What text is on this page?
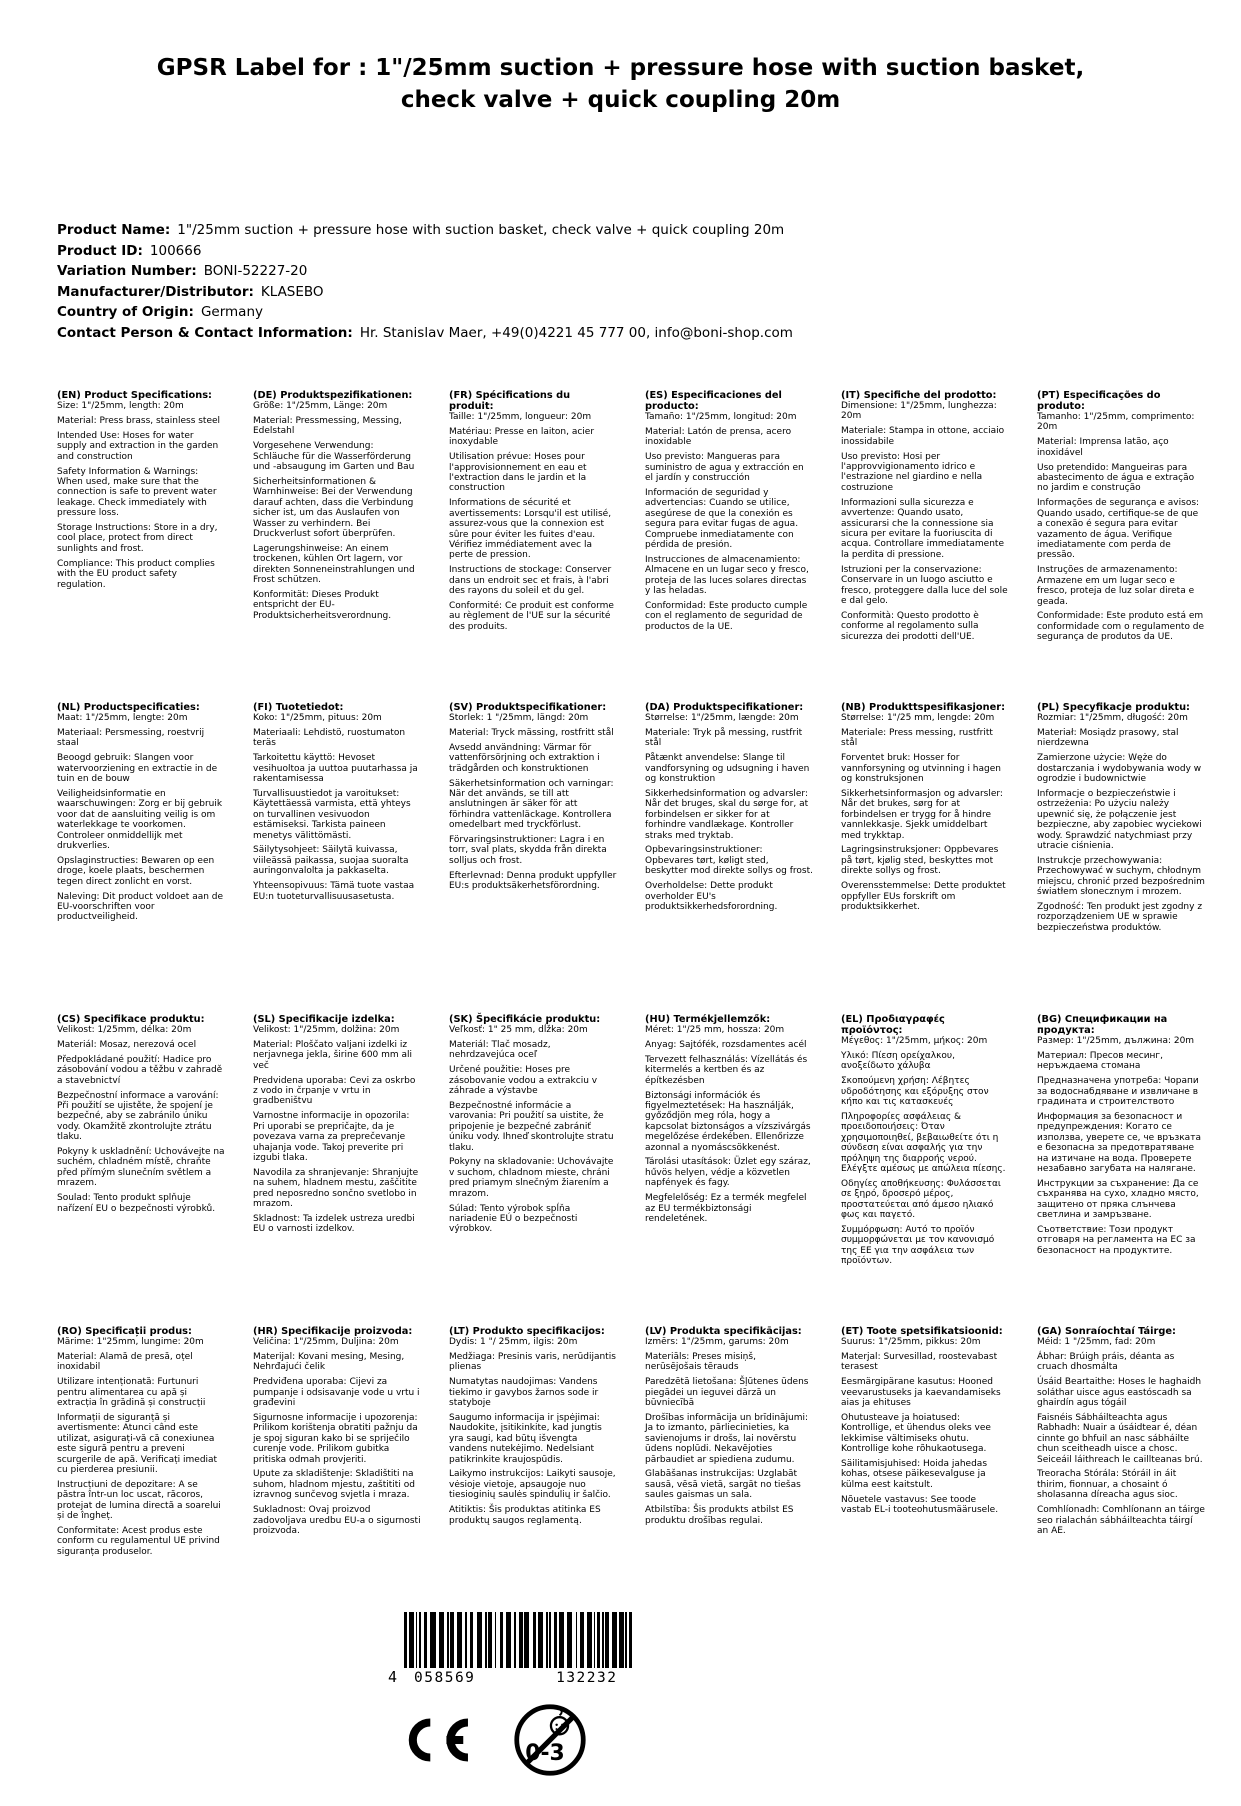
GPSR Label for : 1"/25mm suction + pressure hose with suction basket, check valve + quick coupling 20m
Product Name: 1"/25mm suction + pressure hose with suction basket, check valve + quick coupling 20m
Product ID: 100666
Variation Number: BONI-52227-20
Manufacturer/Distributor: KLASEBO
Country of Origin: Germany
Contact Person & Contact Information: Hr. Stanislav Maer, +49(0)4221 45 777 00, info@boni-shop.com
(EN) Product Specifications:

Size: 1"/25mm, length: 20m

Material: Press brass, stainless steel

Intended Use: Hoses for water supply and extraction in the garden and construction

Safety Information & Warnings: When used, make sure that the connection is safe to prevent water leakage. Check immediately with pressure loss.

Storage Instructions: Store in a dry, cool place, protect from direct sunlights and frost.

Compliance: This product complies with the EU product safety regulation.

(DE) Produktspezifikationen:

Größe: 1"/25mm, Länge: 20m

Material: Pressmessing, Messing, Edelstahl

Vorgesehene Verwendung: Schläuche für die Wasserförderung und -absaugung im Garten und Bau

Sicherheitsinformationen & Warnhinweise: Bei der Verwendung darauf achten, dass die Verbindung sicher ist, um das Auslaufen von Wasser zu verhindern. Bei Druckverlust sofort überprüfen.

Lagerungshinweise: An einem trockenen, kühlen Ort lagern, vor direkten Sonneneinstrahlungen und Frost schützen.

Konformität: Dieses Produkt entspricht der EU-Produktsicherheitsverordnung.

(FR) Spécifications du produit:

Taille: 1"/25mm, longueur: 20m

Matériau: Presse en laiton, acier inoxydable

Utilisation prévue: Hoses pour l'approvisionnement en eau et l'extraction dans le jardin et la construction

Informations de sécurité et avertissements: Lorsqu'il est utilisé, assurez-vous que la connexion est sûre pour éviter les fuites d'eau. Vérifiez immédiatement avec la perte de pression.

Instructions de stockage: Conserver dans un endroit sec et frais, à l'abri des rayons du soleil et du gel.

Conformité: Ce produit est conforme au règlement de l'UE sur la sécurité des produits.

(ES) Especificaciones del producto:

Tamaño: 1"/25mm, longitud: 20m

Material: Latón de prensa, acero inoxidable

Uso previsto: Mangueras para suministro de agua y extracción en el jardín y construcción

Información de seguridad y advertencias: Cuando se utilice, asegúrese de que la conexión es segura para evitar fugas de agua. Compruebe inmediatamente con pérdida de presión.

Instrucciones de almacenamiento: Almacene en un lugar seco y fresco, proteja de las luces solares directas y las heladas.

Conformidad: Este producto cumple con el reglamento de seguridad de productos de la UE.

(IT) Specifiche del prodotto:

Dimensione: 1"/25mm, lunghezza: 20m

Materiale: Stampa in ottone, acciaio inossidabile

Uso previsto: Hosi per l'approvvigionamento idrico e l'estrazione nel giardino e nella costruzione

Informazioni sulla sicurezza e avvertenze: Quando usato, assicurarsi che la connessione sia sicura per evitare la fuoriuscita di acqua. Controllare immediatamente la perdita di pressione.

Istruzioni per la conservazione: Conservare in un luogo asciutto e fresco, proteggere dalla luce del sole e dal gelo.

Conformità: Questo prodotto è conforme al regolamento sulla sicurezza dei prodotti dell'UE.

(PT) Especificações do produto:

Tamanho: 1"/25mm, comprimento: 20m

Material: Imprensa latão, aço inoxidável

Uso pretendido: Mangueiras para abastecimento de água e extração no jardim e construção

Informações de segurança e avisos: Quando usado, certifique-se de que a conexão é segura para evitar vazamento de água. Verifique imediatamente com perda de pressão.

Instruções de armazenamento: Armazene em um lugar seco e fresco, proteja de luz solar direta e geada.

Conformidade: Este produto está em conformidade com o regulamento de segurança de produtos da UE.

(NL) Productspecificaties:

Maat: 1"/25mm, lengte: 20m

Materiaal: Persmessing, roestvrij staal

Beoogd gebruik: Slangen voor watervoorziening en extractie in de tuin en de bouw

Veiligheidsinformatie en waarschuwingen: Zorg er bij gebruik voor dat de aansluiting veilig is om waterlekkage te voorkomen. Controleer onmiddellijk met drukverlies.

Opslaginstructies: Bewaren op een droge, koele plaats, beschermen tegen direct zonlicht en vorst.

Naleving: Dit product voldoet aan de EU-voorschriften voor productveiligheid.

(FI) Tuotetiedot:

Koko: 1"/25mm, pituus: 20m

Materiaali: Lehdistö, ruostumaton teräs

Tarkoitettu käyttö: Hevoset vesihuoltoa ja uuttoa puutarhassa ja rakentamisessa

Turvallisuustiedot ja varoitukset: Käytettäessä varmista, että yhteys on turvallinen vesivuodon estämiseksi. Tarkista paineen menetys välittömästi.

Säilytysohjeet: Säilytä kuivassa, viileässä paikassa, suojaa suoralta auringonvalolta ja pakkaselta.

Yhteensopivuus: Tämä tuote vastaa EU:n tuoteturvallisuusasetusta.

(SV) Produktspecifikationer:

Storlek: 1 "/25mm, längd: 20m

Material: Tryck mässing, rostfritt stål

Avsedd användning: Värmar för vattenförsörjning och extraktion i trädgården och konstruktionen

Säkerhetsinformation och varningar: När det används, se till att anslutningen är säker för att förhindra vattenläckage. Kontrollera omedelbart med tryckförlust.

Förvaringsinstruktioner: Lagra i en torr, sval plats, skydda från direkta solljus och frost.

Efterlevnad: Denna produkt uppfyller EU:s produktsäkerhetsförordning.

(DA) Produktspecifikationer:

Størrelse: 1"/25mm, længde: 20m

Materiale: Tryk på messing, rustfrit stål

Påtænkt anvendelse: Slange til vandforsyning og udsugning i haven og konstruktion

Sikkerhedsinformation og advarsler: Når det bruges, skal du sørge for, at forbindelsen er sikker for at forhindre vandlækage. Kontroller straks med tryktab.

Opbevaringsinstruktioner: Opbevares tørt, køligt sted, beskytter mod direkte sollys og frost.

Overholdelse: Dette produkt overholder EU's produktsikkerhedsforordning.

(NB) Produkttspesifikasjoner:

Størrelse: 1"/25 mm, lengde: 20m

Materiale: Press messing, rustfritt stål

Forventet bruk: Hosser for vannforsyning og utvinning i hagen og konstruksjonen

Sikkerhetsinformasjon og advarsler: Når det brukes, sørg for at forbindelsen er trygg for å hindre vannlekkasje. Sjekk umiddelbart med trykktap.

Lagringsinstruksjoner: Oppbevares på tørt, kjølig sted, beskyttes mot direkte sollys og frost.

Overensstemmelse: Dette produktet oppfyller EUs forskrift om produktsikkerhet.

(PL) Specyfikacje produktu:

Rozmiar: 1"/25mm, długość: 20m

Materiał: Mosiądz prasowy, stal nierdzewna

Zamierzone użycie: Węże do dostarczania i wydobywania wody w ogrodzie i budownictwie

Informacje o bezpieczeństwie i ostrzeżenia: Po użyciu należy upewnić się, że połączenie jest bezpieczne, aby zapobiec wyciekowi wody. Sprawdzić natychmiast przy utracie ciśnienia.

Instrukcje przechowywania: Przechowywać w suchym, chłodnym miejscu, chronić przed bezpośrednim światłem słonecznym i mrozem.

Zgodność: Ten produkt jest zgodny z rozporządzeniem UE w sprawie bezpieczeństwa produktów.

(CS) Specifikace produktu:

Velikost: 1/25mm, délka: 20m

Materiál: Mosaz, nerezová ocel

Předpokládané použití: Hadice pro zásobování vodou a těžbu v zahradě a stavebnictví

Bezpečnostní informace a varování: Při použití se ujistěte, že spojení je bezpečné, aby se zabránilo úniku vody. Okamžitě zkontrolujte ztrátu tlaku.

Pokyny k uskladnění: Uchovávejte na suchém, chladném místě, chraňte před přímým slunečním světlem a mrazem.

Soulad: Tento produkt splňuje nařízení EU o bezpečnosti výrobků.

(SL) Specifikacije izdelka:

Velikost: 1"/25mm, dolžina: 20m

Material: Ploščato valjani izdelki iz nerjavnega jekla, širine 600 mm ali več

Predvidena uporaba: Cevi za oskrbo z vodo in črpanje v vrtu in gradbeništvu

Varnostne informacije in opozorila: Pri uporabi se prepričajte, da je povezava varna za preprečevanje uhajanja vode. Takoj preverite pri izgubi tlaka.

Navodila za shranjevanje: Shranjujte na suhem, hladnem mestu, zaščitite pred neposredno sončno svetlobo in mrazom.

Skladnost: Ta izdelek ustreza uredbi EU o varnosti izdelkov.

(SK) Špecifikácie produktu:

Veľkosť: 1" 25 mm, dĺžka: 20m

Materiál: Tlač mosadz, nehrdzavejúca oceľ

Určené použitie: Hoses pre zásobovanie vodou a extrakciu v záhrade a výstavbe

Bezpečnostné informácie a varovania: Pri použití sa uistite, že pripojenie je bezpečné zabrániť úniku vody. Ihneď skontrolujte stratu tlaku.

Pokyny na skladovanie: Uchovávajte v suchom, chladnom mieste, chráni pred priamym slnečným žiarením a mrazom.

Súlad: Tento výrobok spĺňa nariadenie EÚ o bezpečnosti výrobkov.

(HU) Termékjellemzők:

Méret: 1"/25 mm, hossza: 20m

Anyag: Sajtófék, rozsdamentes acél

Tervezett felhasználás: Vízellátás és kitermelés a kertben és az építkezésben

Biztonsági információk és figyelmeztetések: Ha használják, győződjön meg róla, hogy a kapcsolat biztonságos a vízszivárgás megelőzése érdekében. Ellenőrizze azonnal a nyomáscsökkenést.

Tárolási utasítások: Üzlet egy száraz, hűvös helyen, védje a közvetlen napfények és fagy.

Megfelelőség: Ez a termék megfelel az EU termékbiztonsági rendeletének.

(EL) Προδιαγραφές προϊόντος:

Μέγεθος: 1"/25mm, μήκος: 20m

Υλικό: Πίεση ορείχαλκου, ανοξείδωτο χάλυβα

Σκοπούμενη χρήση: Λέβητες υδροδότησης και εξόρυξης στον κήπο και τις κατασκευές

Πληροφορίες ασφάλειας & προειδοποιήσεις: Όταν χρησιμοποιηθεί, βεβαιωθείτε ότι η σύνδεση είναι ασφαλής για την πρόληψη της διαρροής νερού. Ελέγξτε αμέσως με απώλεια πίεσης.

Οδηγίες αποθήκευσης: Φυλάσσεται σε ξηρό, δροσερό μέρος, προστατεύεται από άμεσο ηλιακό φως και παγετό.

Συμμόρφωση: Αυτό το προϊόν συμμορφώνεται με τον κανονισμό της ΕΕ για την ασφάλεια των προϊόντων.

(BG) Спецификации на продукта:

Размер: 1"/25mm, дължина: 20m

Материал: Пресов месинг, неръждаема стомана

Предназначена употреба: Чорапи за водоснабдяване и извличане в градината и строителството

Информация за безопасност и предупреждения: Когато се използва, уверете се, че връзката е безопасна за предотвратяване на изтичане на вода. Проверете незабавно загубата на налягане.

Инструкции за съхранение: Да се съхранява на сухо, хладно място, защитено от пряка слънчева светлина и замръзване.

Съответствие: Този продукт отговаря на регламента на ЕС за безопасност на продуктите.

(RO) Specificații produs:

Mărime: 1"25mm, lungime: 20m

Material: Alamă de presă, oțel inoxidabil

Utilizare intenționată: Furtunuri pentru alimentarea cu apă și extracția în grădină și construcții

Informații de siguranță și avertismente: Atunci când este utilizat, asigurați-vă că conexiunea este sigură pentru a preveni scurgerile de apă. Verificați imediat cu pierderea presiunii.

Instrucțiuni de depozitare: A se păstra într-un loc uscat, răcoros, protejat de lumina directă a soarelui și de îngheț.

Conformitate: Acest produs este conform cu regulamentul UE privind siguranța produselor.

(HR) Specifikacije proizvoda:

Veličina: 1"/25mm, Duljina: 20m

Materijal: Kovani mesing, Mesing, Nehrđajući čelik

Predviđena uporaba: Cijevi za pumpanje i odsisavanje vode u vrtu i građevini

Sigurnosne informacije i upozorenja: Prilikom korištenja obratiti pažnju da je spoj siguran kako bi se spriječilo curenje vode. Prilikom gubitka pritiska odmah provjeriti.

Upute za skladištenje: Skladištiti na suhom, hladnom mjestu, zaštititi od izravnog sunčevog svjetla i mraza.

Sukladnost: Ovaj proizvod zadovoljava uredbu EU-a o sigurnosti proizvoda.

(LT) Produkto specifikacijos:

Dydis: 1 "/ 25mm, ilgis: 20m

Medžiaga: Presinis varis, nerūdijantis plienas

Numatytas naudojimas: Vandens tiekimo ir gavybos žarnos sode ir statyboje

Saugumo informacija ir įspėjimai: Naudokite, įsitikinkite, kad jungtis yra saugi, kad būtų išvengta vandens nutekėjimo. Nedelsiant patikrinkite kraujospūdis.

Laikymo instrukcijos: Laikyti sausoje, vėsioje vietoje, apsaugoje nuo tiesioginių saulės spindulių ir šalčio.

Atitiktis: Šis produktas atitinka ES produktų saugos reglamentą.

(LV) Produkta specifikācijas:

Izmērs: 1"/25mm, garums: 20m

Materiāls: Preses misiņš, nerūsējošais tērauds

Paredzētā lietošana: Šļūtenes ūdens piegādei un ieguvei dārzā un būvniecībā

Drošības informācija un brīdinājumi: Ja to izmanto, pārliecinieties, ka savienojums ir drošs, lai novērstu ūdens noplūdi. Nekavējoties pārbaudiet ar spiediena zudumu.

Glabāšanas instrukcijas: Uzglabāt sausā, vēsā vietā, sargāt no tiešas saules gaismas un sala.

Atbilstība: Šis produkts atbilst ES produktu drošības regulai.

(ET) Toote spetsifikatsioonid:

Suurus: 1"/25mm, pikkus: 20m

Materjal: Survesillad, roostevabast terasest

Eesmärgipärane kasutus: Hooned veevarustuseks ja kaevandamiseks aias ja ehituses

Ohutusteave ja hoiatused: Kontrollige, et ühendus oleks vee lekkimise vältimiseks ohutu. Kontrollige kohe rõhukaotusega.

Säilitamisjuhised: Hoida jahedas kohas, otsese päikesevalguse ja külma eest kaitstult.

Nõuetele vastavus: See toode vastab EL-i tooteohutusmäärusele.

(GA) Sonraíochtaí Táirge:

Méid: 1 "/25mm, fad: 20m

Ábhar: Brúigh práis, déanta as cruach dhosmálta

Úsáid Beartaithe: Hoses le haghaidh soláthar uisce agus eastóscadh sa ghairdín agus tógáil

Faisnéis Sábháilteachta agus Rabhadh: Nuair a úsáidtear é, déan cinnte go bhfuil an nasc sábháilte chun sceitheadh uisce a chosc. Seiceáil láithreach le caillteanas brú.

Treoracha Stórála: Stóráil in áit thirim, fionnuar, a chosaint ó sholasanna díreacha agus sioc.

Comhlíonadh: Comhlíonann an táirge seo rialachán sábháilteachta táirgí an AE.

4 058569	132232
0-3
